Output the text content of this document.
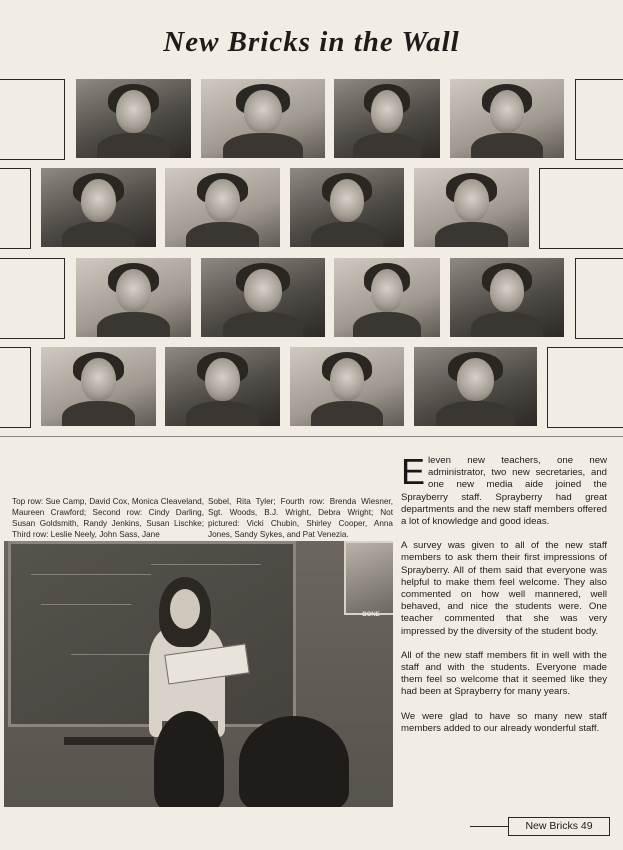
New Bricks in the Wall
Top row: Sue Camp, David Cox, Monica Cleaveland, Maureen Crawford; Second row: Cindy Darling, Susan Goldsmith, Randy Jenkins, Susan Lischke; Third row: Leslie Neely, John Sass, Jane
Sobel, Rita Tyler; Fourth row: Brenda Wiesner, Sgt. Woods, B.J. Wright, Debra Wright; Not pictured: Vicki Chubin, Shirley Cooper, Anna Jones, Sandy Sykes, and Pat Venezia.
BONE

Eleven new teachers, one new administrator, two new secretaries, and one new media aide joined the Sprayberry staff. Sprayberry had great departments and the new staff members offered a lot of knowledge and good ideas.

A survey was given to all of the new staff members to ask them their first impressions of Sprayberry. All of them said that everyone was helpful to make them feel welcome. They also commented on how well mannered, well behaved, and nice the students were. One teacher commented that she was very impressed by the diversity of the student body.

All of the new staff members fit in well with the staff and with the students. Everyone made them feel so welcome that it seemed like they had been at Sprayberry for many years.

We were glad to have so many new staff members added to our already wonderful staff.

New Bricks 49
